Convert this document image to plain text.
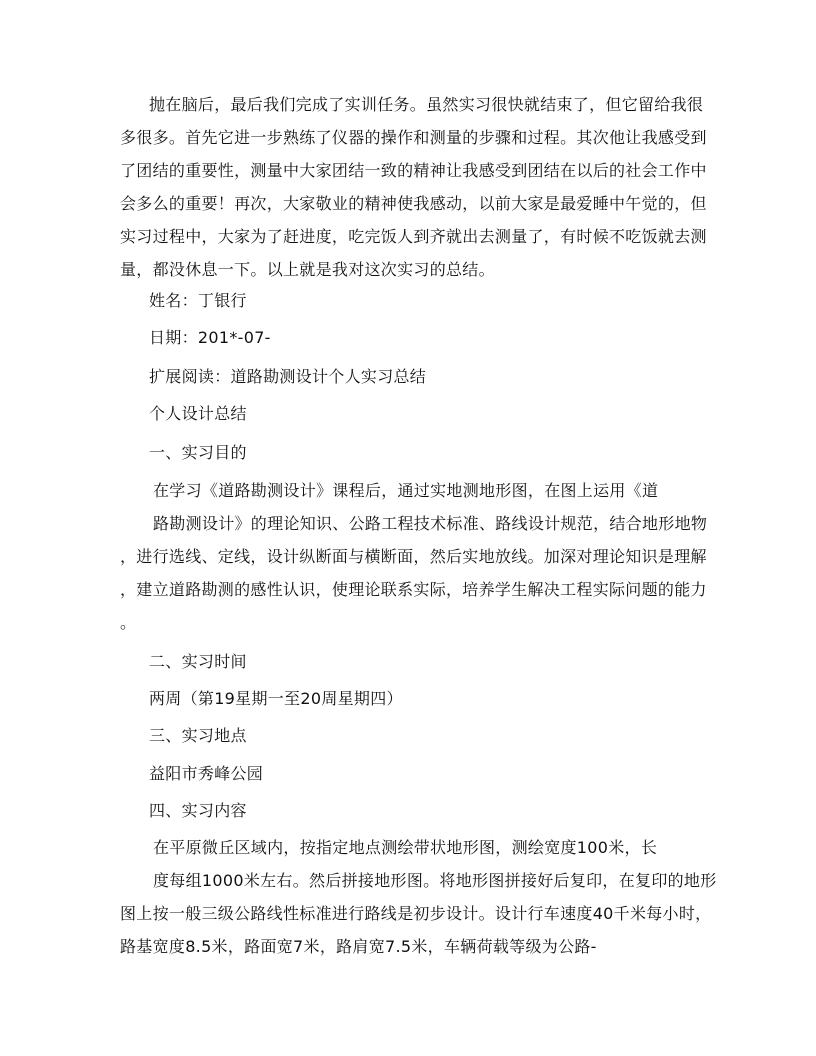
抛在脑后，最后我们完成了实训任务。虽然实习很快就结束了，但它留给我很
多很多。首先它进一步熟练了仪器的操作和测量的步骤和过程。其次他让我感受到
了团结的重要性，测量中大家团结一致的精神让我感受到团结在以后的社会工作中
会多么的重要！再次，大家敬业的精神使我感动，以前大家是最爱睡中午觉的，但
实习过程中，大家为了赶进度，吃完饭人到齐就出去测量了，有时候不吃饭就去测
量，都没休息一下。以上就是我对这次实习的总结。
姓名：丁银行
日期：201*-07-
扩展阅读：道路勘测设计个人实习总结
个人设计总结
一、实习目的
在学习《道路勘测设计》课程后，通过实地测地形图，在图上运用《道
路勘测设计》的理论知识、公路工程技术标准、路线设计规范，结合地形地物
，进行选线、定线，设计纵断面与横断面，然后实地放线。加深对理论知识是理解
，建立道路勘测的感性认识，使理论联系实际，培养学生解决工程实际问题的能力
。
二、实习时间
两周（第19星期一至20周星期四）
三、实习地点
益阳市秀峰公园
四、实习内容
在平原微丘区域内，按指定地点测绘带状地形图，测绘宽度100米，长
度每组1000米左右。然后拼接地形图。将地形图拼接好后复印，在复印的地形
图上按一般三级公路线性标准进行路线是初步设计。设计行车速度40千米每小时，
路基宽度8.5米，路面宽7米，路肩宽7.5米，车辆荷载等级为公路-
